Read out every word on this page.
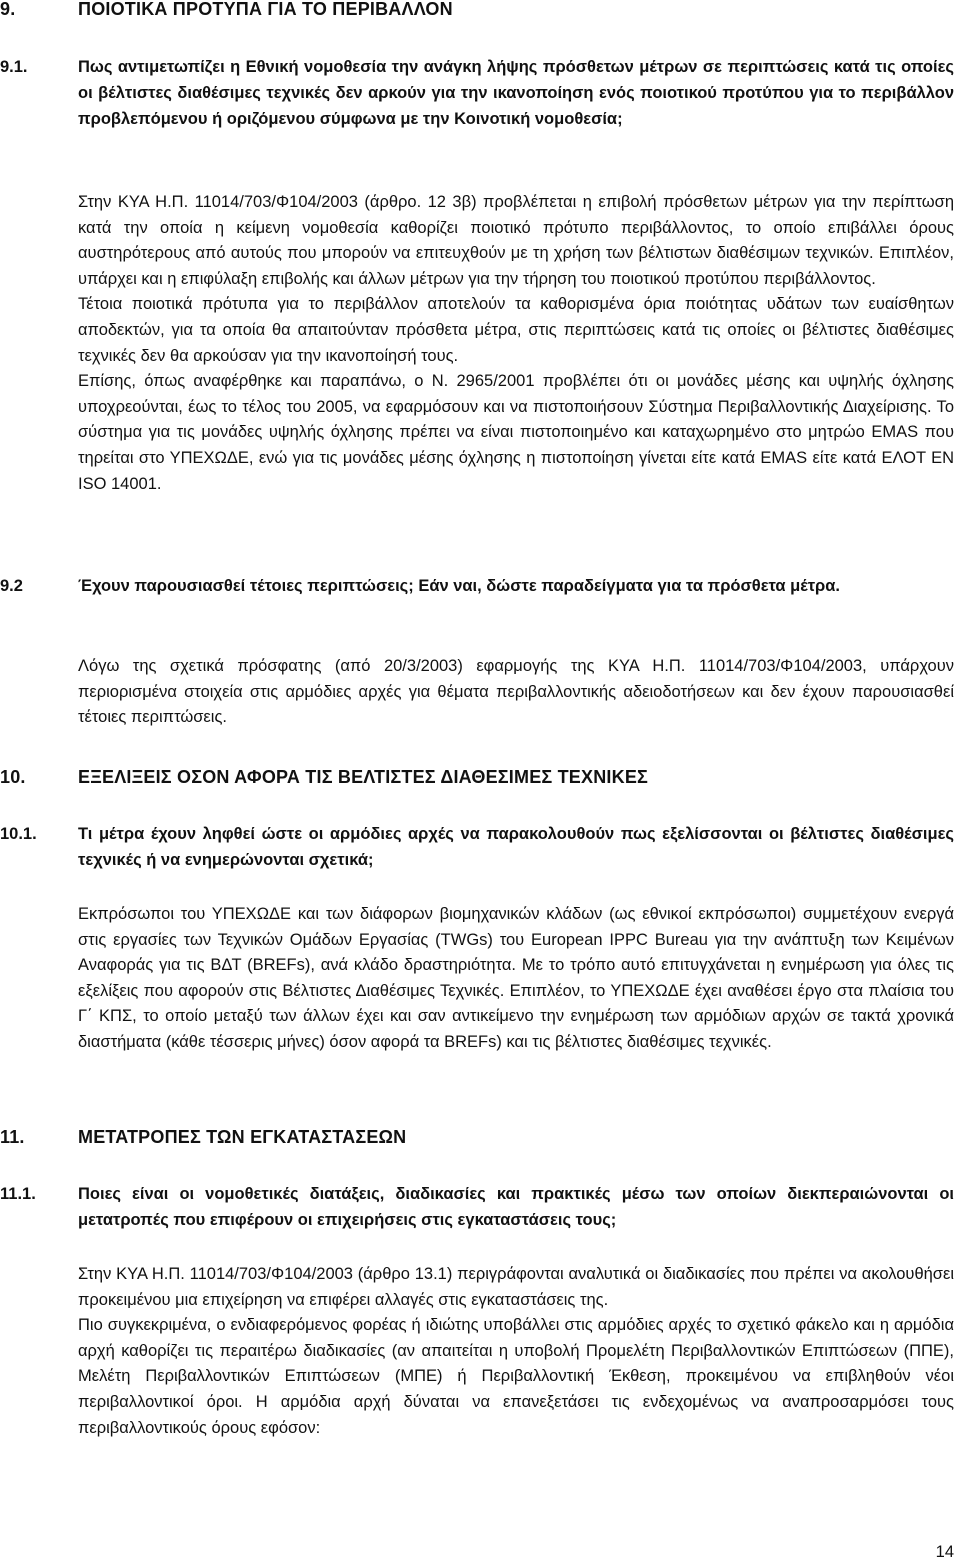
9.	ΠΟΙΟΤΙΚΑ ΠΡΟΤΥΠΑ ΓΙΑ ΤΟ ΠΕΡΙΒΑΛΛΟΝ
9.1.	Πως αντιμετωπίζει η Εθνική νομοθεσία την ανάγκη λήψης πρόσθετων μέτρων σε περιπτώσεις κατά τις οποίες οι βέλτιστες διαθέσιμες τεχνικές δεν αρκούν για την ικανοποίηση ενός ποιοτικού προτύπου για το περιβάλλον προβλεπόμενου ή οριζόμενου σύμφωνα με την Κοινοτική νομοθεσία;

Στην ΚΥΑ Η.Π. 11014/703/Φ104/2003 (άρθρο. 12 3β) προβλέπεται η επιβολή πρόσθετων μέτρων για την περίπτωση κατά την οποία η κείμενη νομοθεσία καθορίζει ποιοτικό πρότυπο περιβάλλοντος, το οποίο επιβάλλει όρους αυστηρότερους από αυτούς που μπορούν να επιτευχθούν με τη χρήση των βέλτιστων διαθέσιμων τεχνικών. Επιπλέον, υπάρχει και η επιφύλαξη επιβολής και άλλων μέτρων για την τήρηση του ποιοτικού προτύπου περιβάλλοντος.

Τέτοια ποιοτικά πρότυπα για το περιβάλλον αποτελούν τα καθορισμένα όρια ποιότητας υδάτων των ευαίσθητων αποδεκτών, για τα οποία θα απαιτούνταν πρόσθετα μέτρα, στις περιπτώσεις κατά τις οποίες οι βέλτιστες διαθέσιμες τεχνικές δεν θα αρκούσαν για την ικανοποίησή τους.

Επίσης, όπως αναφέρθηκε και παραπάνω, ο Ν. 2965/2001 προβλέπει ότι οι μονάδες μέσης και υψηλής όχλησης υποχρεούνται, έως το τέλος του 2005, να εφαρμόσουν και να πιστοποιήσουν Σύστημα Περιβαλλοντικής Διαχείρισης. Το σύστημα για τις μονάδες υψηλής όχλησης πρέπει να είναι πιστοποιημένο και καταχωρημένο στο μητρώο EMAS που τηρείται στο ΥΠΕΧΩΔΕ, ενώ για τις μονάδες μέσης όχλησης η πιστοποίηση γίνεται είτε κατά EMAS είτε κατά ΕΛΟΤ ΕΝ ISO 14001.

9.2	Έχουν παρουσιασθεί τέτοιες περιπτώσεις; Εάν ναι, δώστε παραδείγματα για τα πρόσθετα μέτρα.

Λόγω της σχετικά πρόσφατης (από 20/3/2003) εφαρμογής της ΚΥΑ Η.Π. 11014/703/Φ104/2003, υπάρχουν περιορισμένα στοιχεία στις αρμόδιες αρχές για θέματα περιβαλλοντικής αδειοδοτήσεων και δεν έχουν παρουσιασθεί τέτοιες περιπτώσεις.

10.	ΕΞΕΛΙΞΕΙΣ ΟΣΟΝ ΑΦΟΡΑ ΤΙΣ ΒΕΛΤΙΣΤΕΣ ΔΙΑΘΕΣΙΜΕΣ ΤΕΧΝΙΚΕΣ
10.1.	Τι μέτρα έχουν ληφθεί ώστε οι αρμόδιες αρχές να παρακολουθούν πως εξελίσσονται οι βέλτιστες διαθέσιμες τεχνικές ή να ενημερώνονται σχετικά;

Εκπρόσωποι του ΥΠΕΧΩΔΕ και των διάφορων βιομηχανικών κλάδων (ως εθνικοί εκπρόσωποι) συμμετέχουν ενεργά στις εργασίες των Τεχνικών Ομάδων Εργασίας (TWGs) του European IPPC Bureau για την ανάπτυξη των Κειμένων Αναφοράς για τις ΒΔΤ (BREFs), ανά κλάδο δραστηριότητα. Με το τρόπο αυτό επιτυγχάνεται η ενημέρωση για όλες τις εξελίξεις που αφορούν στις Βέλτιστες Διαθέσιμες Τεχνικές. Επιπλέον, το ΥΠΕΧΩΔΕ έχει αναθέσει έργο στα πλαίσια του Γ΄ ΚΠΣ, το οποίο μεταξύ των άλλων έχει και σαν αντικείμενο την ενημέρωση των αρμόδιων αρχών σε τακτά χρονικά διαστήματα (κάθε τέσσερις μήνες) όσον αφορά τα BREFs) και τις βέλτιστες διαθέσιμες τεχνικές.

11.	ΜΕΤΑΤΡΟΠΕΣ ΤΩΝ ΕΓΚΑΤΑΣΤΑΣΕΩΝ
11.1.	Ποιες είναι οι νομοθετικές διατάξεις, διαδικασίες και πρακτικές μέσω των οποίων διεκπεραιώνονται οι μετατροπές που επιφέρουν οι επιχειρήσεις στις εγκαταστάσεις τους;

Στην ΚΥΑ Η.Π. 11014/703/Φ104/2003 (άρθρο 13.1) περιγράφονται αναλυτικά οι διαδικασίες που πρέπει να ακολουθήσει προκειμένου μια επιχείρηση να επιφέρει αλλαγές στις εγκαταστάσεις της.

Πιο συγκεκριμένα, ο ενδιαφερόμενος φορέας ή ιδιώτης υποβάλλει στις αρμόδιες αρχές το σχετικό φάκελο και η αρμόδια αρχή καθορίζει τις περαιτέρω διαδικασίες (αν απαιτείται η υποβολή Προμελέτη Περιβαλλοντικών Επιπτώσεων (ΠΠΕ), Μελέτη Περιβαλλοντικών Επιπτώσεων (ΜΠΕ) ή Περιβαλλοντική Έκθεση, προκειμένου να επιβληθούν νέοι περιβαλλοντικοί όροι. Η αρμόδια αρχή δύναται να επανεξετάσει τις ενδεχομένως να αναπροσαρμόσει τους περιβαλλοντικούς όρους εφόσον:

14
